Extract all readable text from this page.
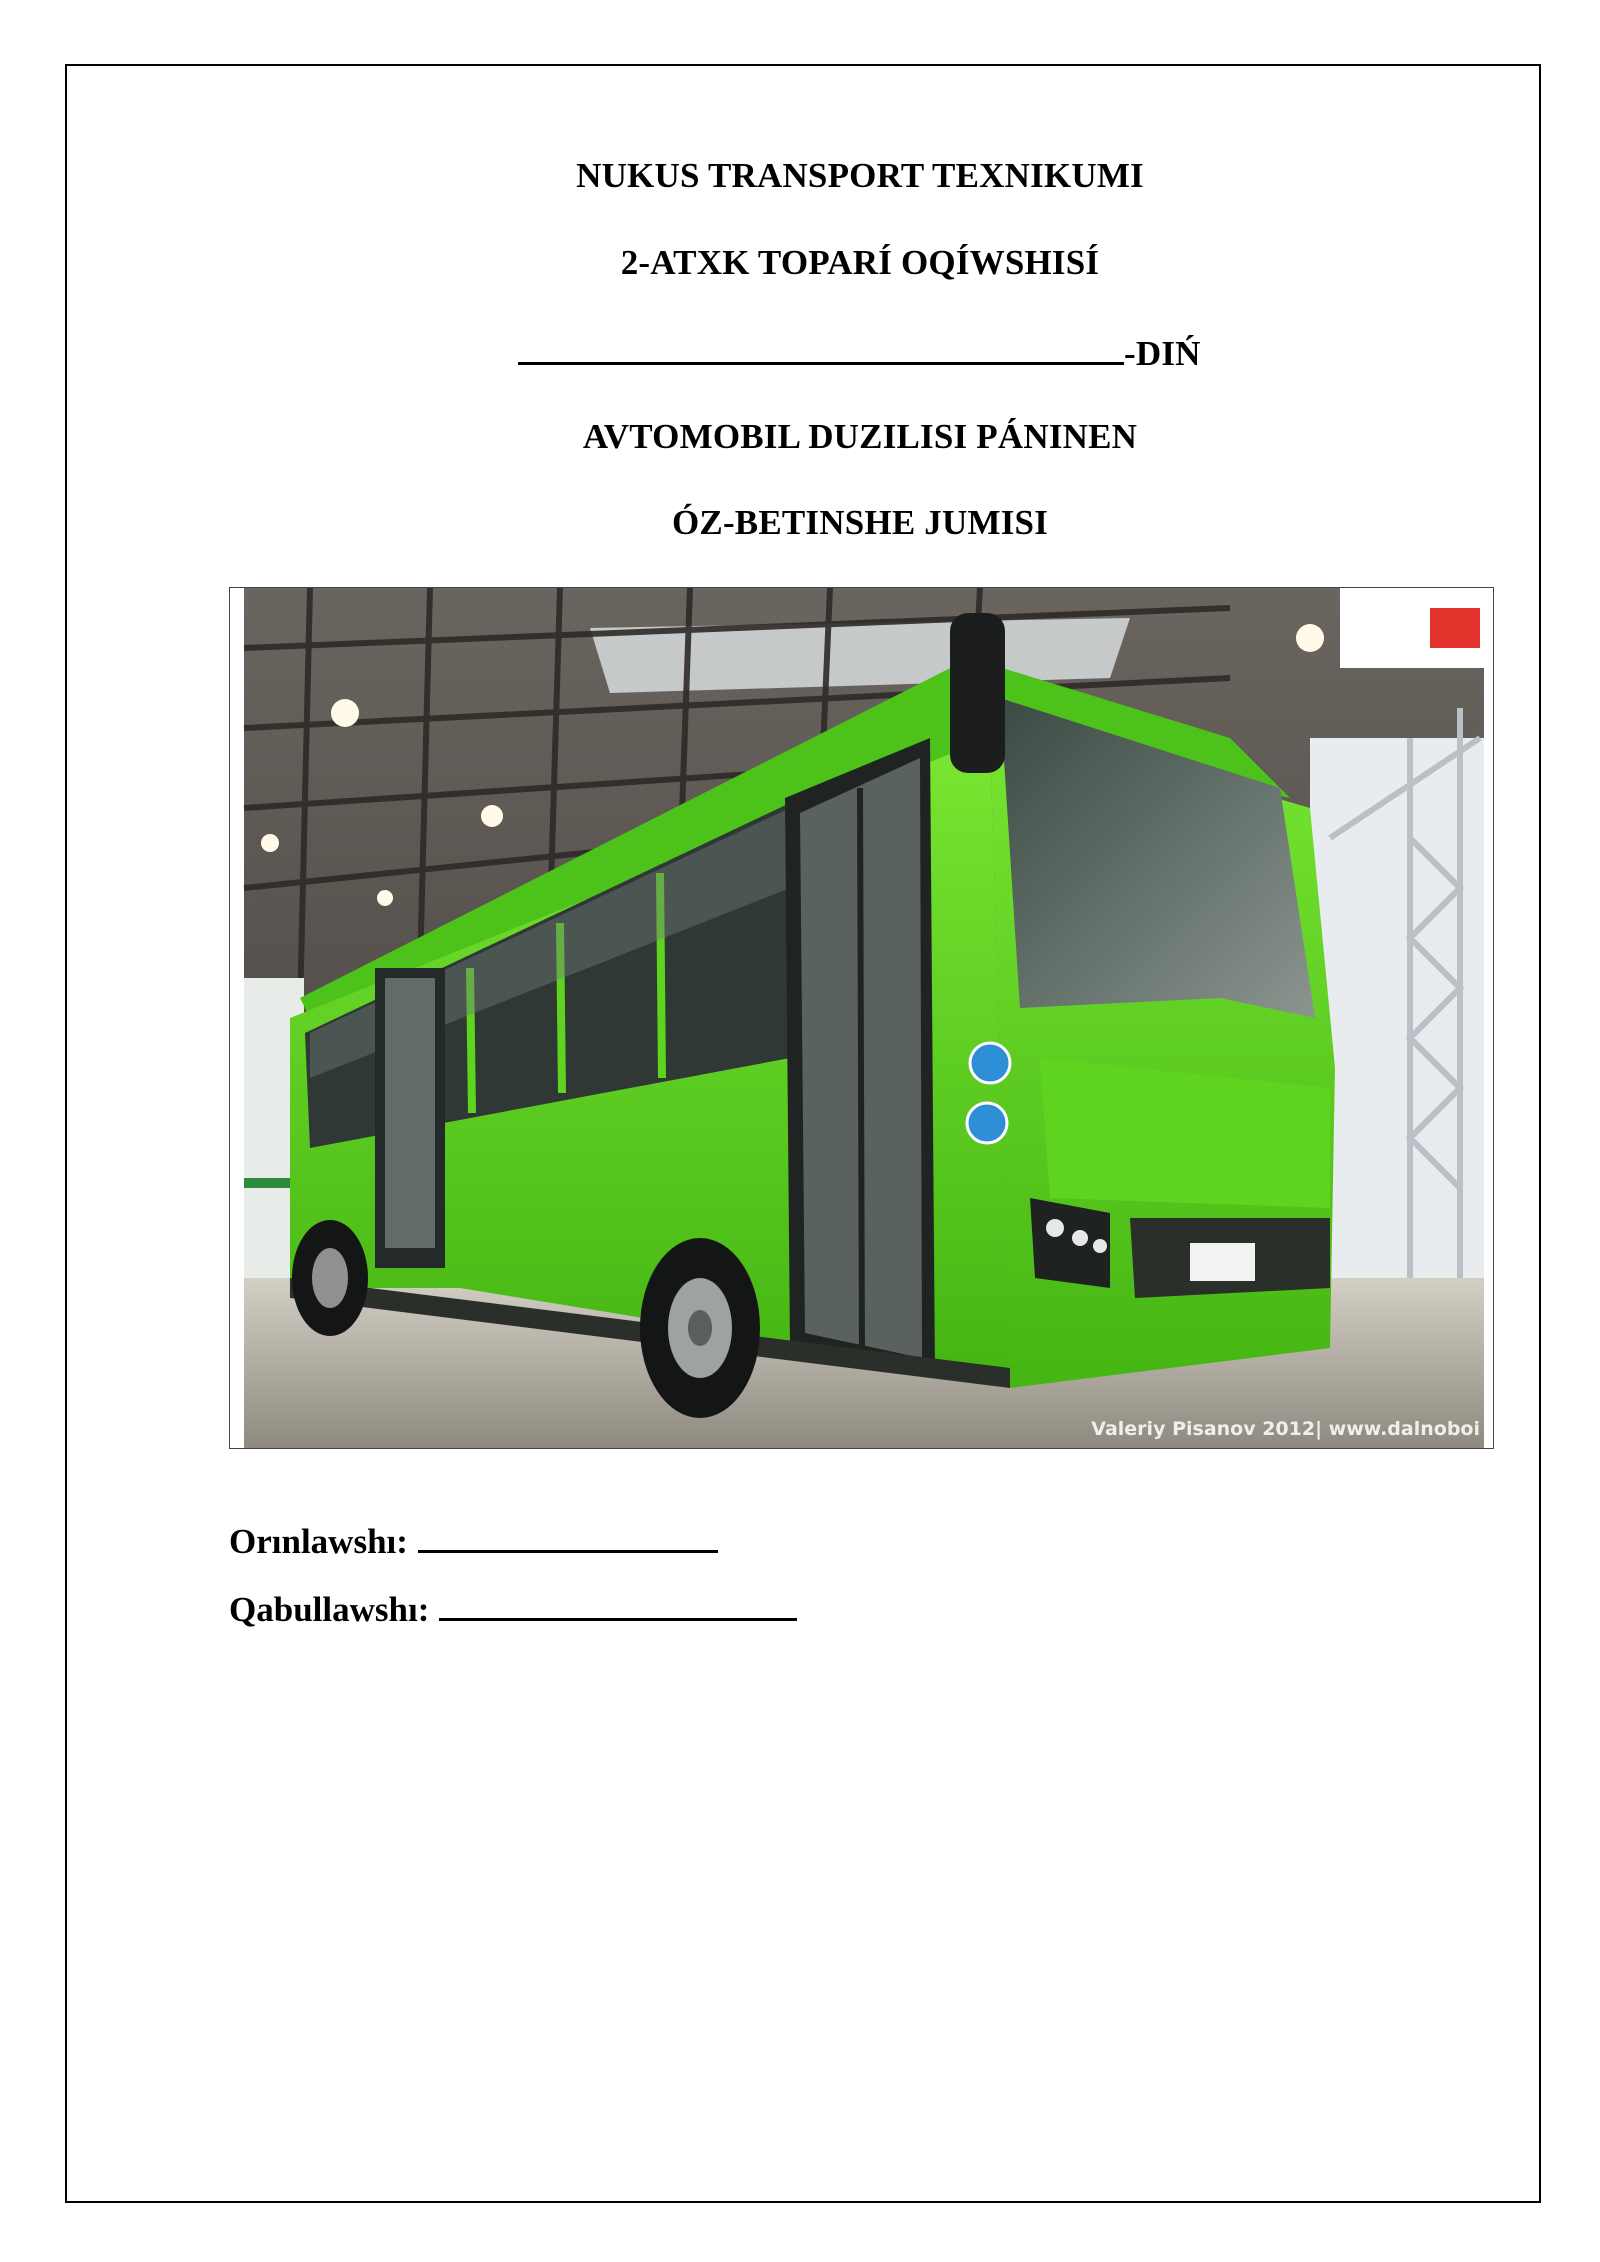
NUKUS TRANSPORT TEXNIKUMI
2-ATXK TOPARÍ OQÍWSHISÍ
-DIŃ
AVTOMOBIL DUZILISI PÁNINEN
ÓZ-BETINSHE JUMISI
Valeriy Pisanov 2012| www.dalnoboi
Orınlawshı:
Qabullawshı:
